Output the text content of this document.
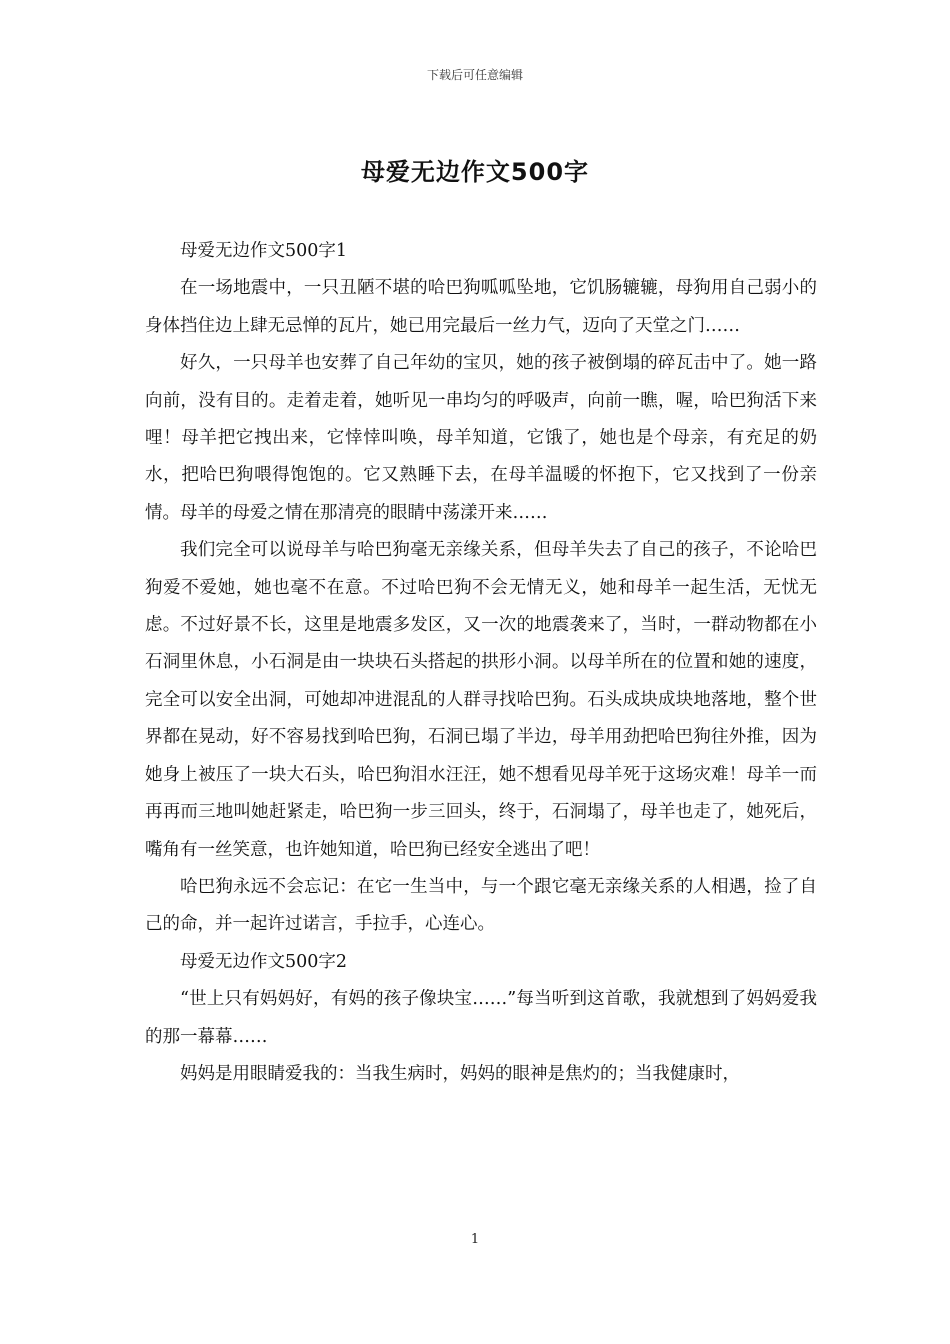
下载后可任意编辑
母爱无边作文500字

母爱无边作文500字1

在一场地震中，一只丑陋不堪的哈巴狗呱呱坠地，它饥肠辘辘，母狗用自己弱小的身体挡住边上肆无忌惮的瓦片，她已用完最后一丝力气，迈向了天堂之门……

好久，一只母羊也安葬了自己年幼的宝贝，她的孩子被倒塌的碎瓦击中了。她一路向前，没有目的。走着走着，她听见一串均匀的呼吸声，向前一瞧，喔，哈巴狗活下来哩！母羊把它拽出来，它悻悻叫唤，母羊知道，它饿了，她也是个母亲，有充足的奶水，把哈巴狗喂得饱饱的。它又熟睡下去，在母羊温暖的怀抱下，它又找到了一份亲情。母羊的母爱之情在那清亮的眼睛中荡漾开来……

我们完全可以说母羊与哈巴狗毫无亲缘关系，但母羊失去了自己的孩子，不论哈巴狗爱不爱她，她也毫不在意。不过哈巴狗不会无情无义，她和母羊一起生活，无忧无虑。不过好景不长，这里是地震多发区，又一次的地震袭来了，当时，一群动物都在小石洞里休息，小石洞是由一块块石头搭起的拱形小洞。以母羊所在的位置和她的速度，完全可以安全出洞，可她却冲进混乱的人群寻找哈巴狗。石头成块成块地落地，整个世界都在晃动，好不容易找到哈巴狗，石洞已塌了半边，母羊用劲把哈巴狗往外推，因为她身上被压了一块大石头，哈巴狗泪水汪汪，她不想看见母羊死于这场灾难！母羊一而再再而三地叫她赶紧走，哈巴狗一步三回头，终于，石洞塌了，母羊也走了，她死后，嘴角有一丝笑意，也许她知道，哈巴狗已经安全逃出了吧！

哈巴狗永远不会忘记：在它一生当中，与一个跟它毫无亲缘关系的人相遇，捡了自己的命，并一起许过诺言，手拉手，心连心。

母爱无边作文500字2

“世上只有妈妈好，有妈的孩子像块宝……”每当听到这首歌，我就想到了妈妈爱我的那一幕幕……

妈妈是用眼睛爱我的：当我生病时，妈妈的眼神是焦灼的；当我健康时，

1
